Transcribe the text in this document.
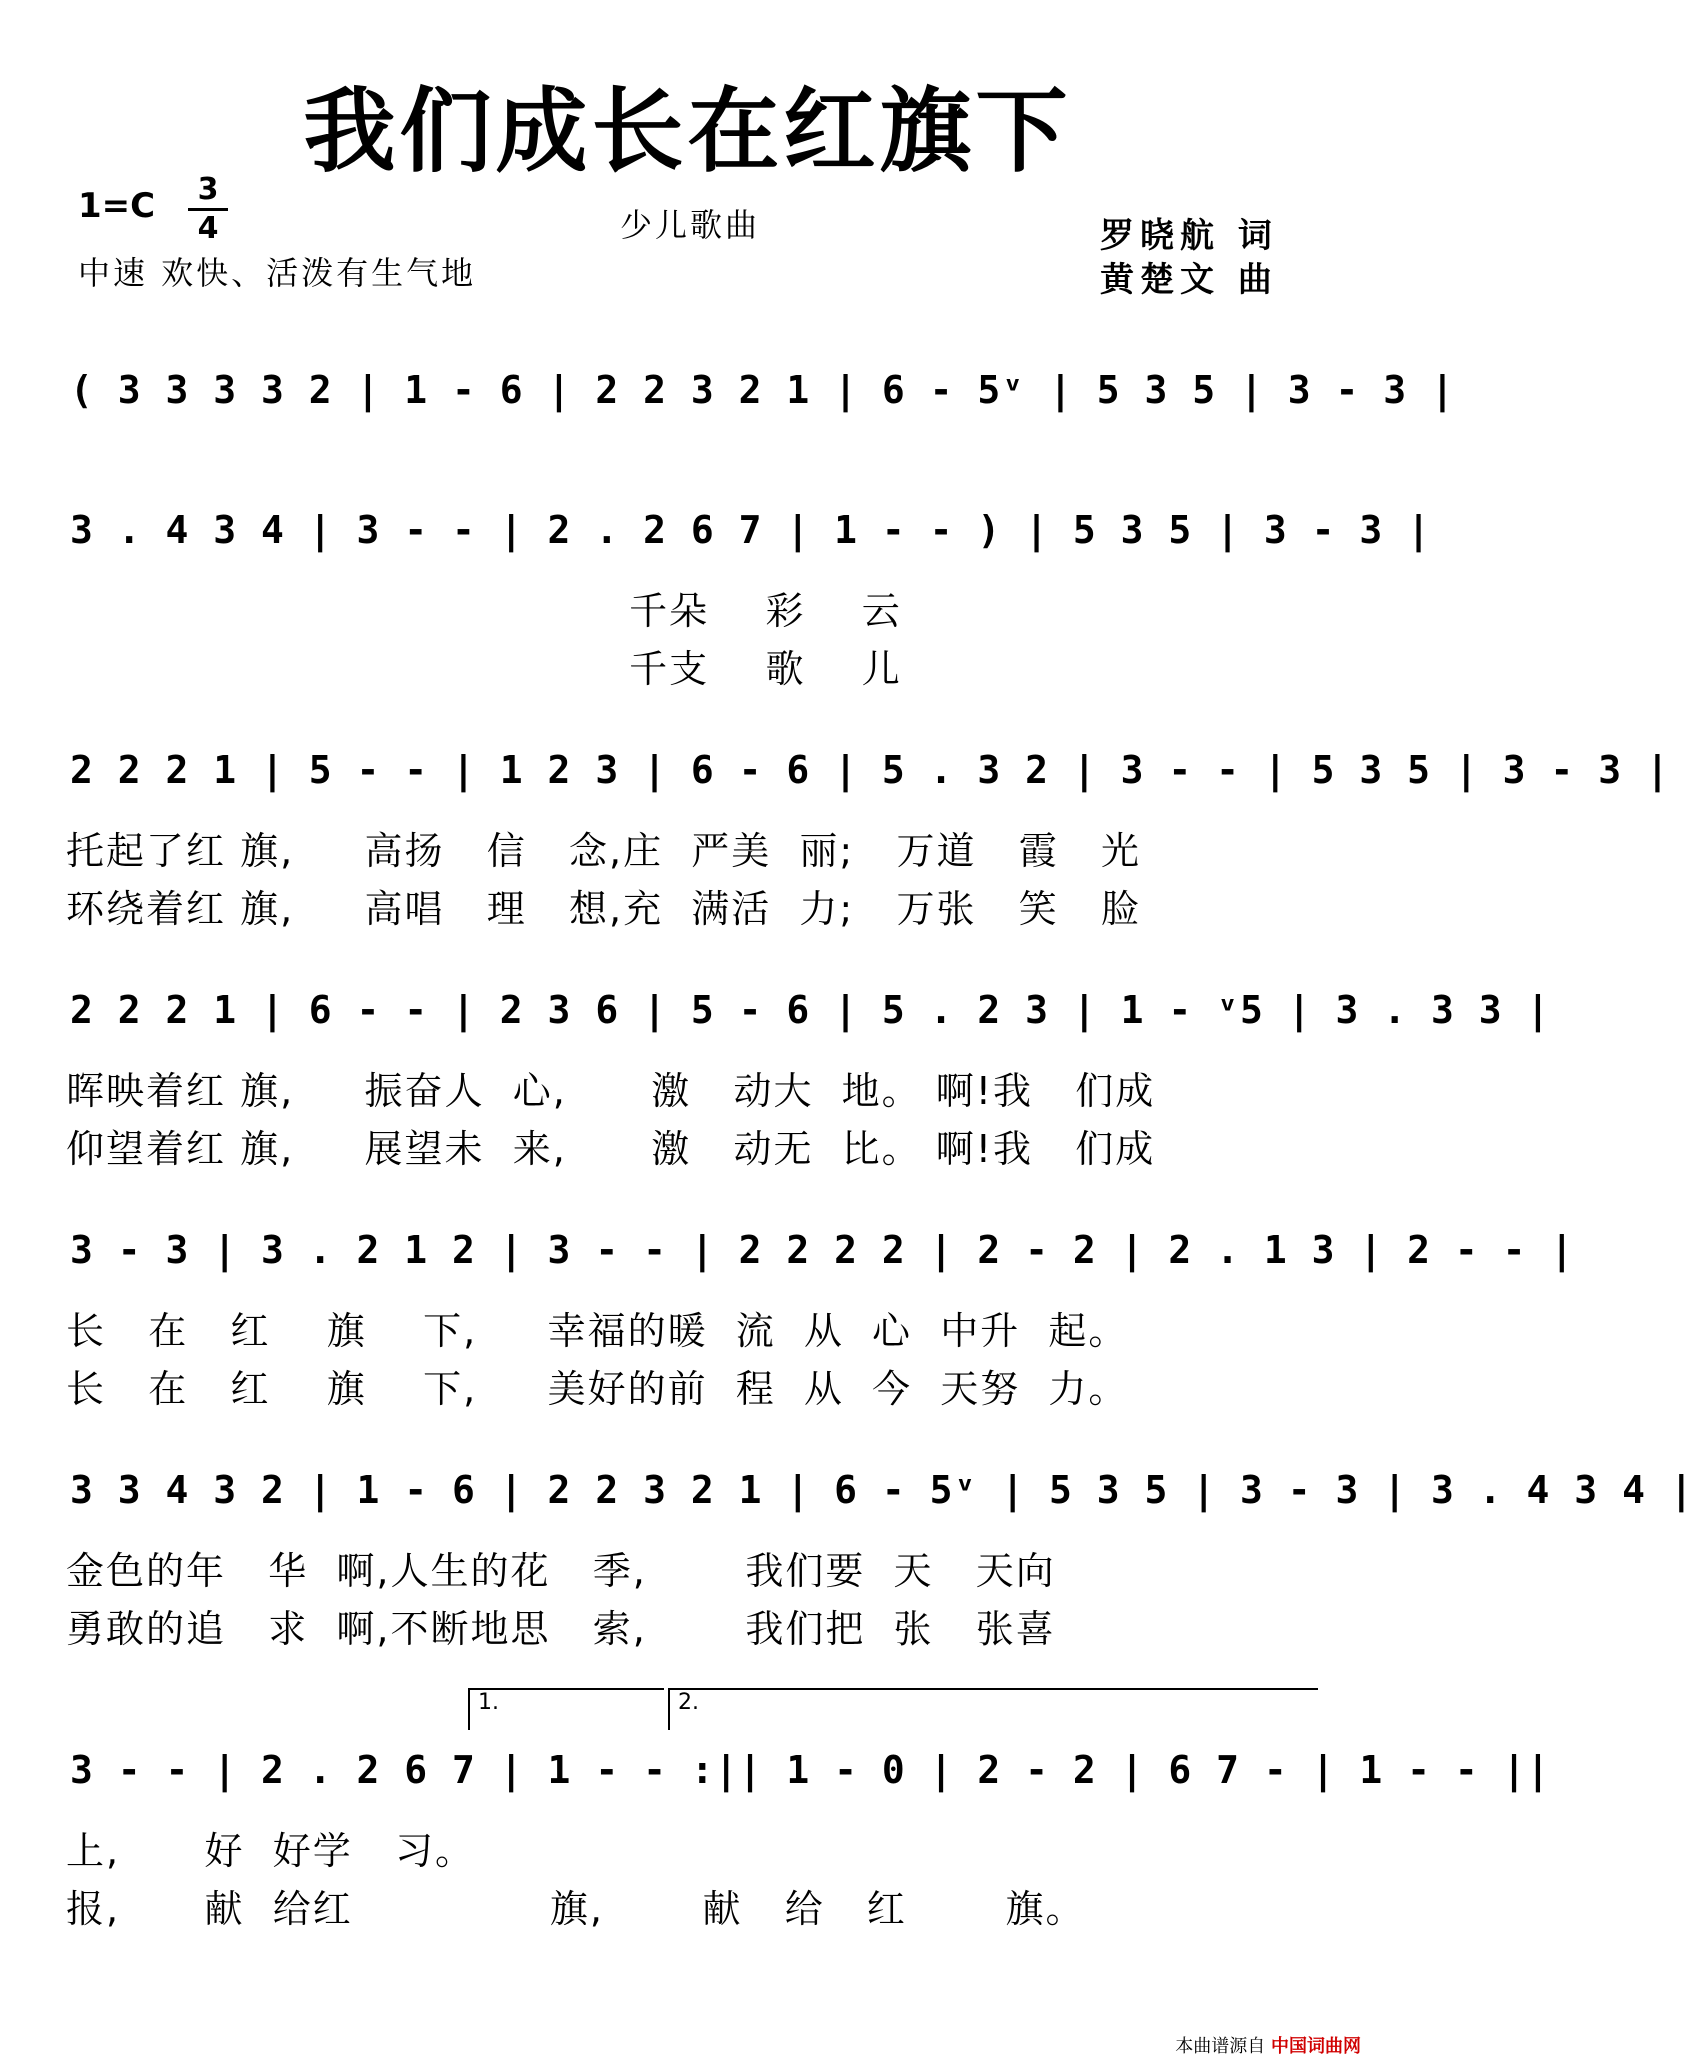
我们成长在红旗下
1=C	3
4
中速 欢快、活泼有生气地
少儿歌曲	罗晓航 词
黄楚文 曲
( 3 3 3 3 2 | 1 - 6 | 2 2 3 2 1 | 6 - 5ᵛ | 5 3 5 | 3 - 3 |
3 . 4 3 4 | 3 - - | 2 . 2 6 7 | 1 - - ) | 5 3 5 | 3 - 3 |
千朵    彩    云
千支    歌    儿
2 2 2 1 | 5 - - | 1 2 3 | 6 - 6 | 5 . 3 2 | 3 - - | 5 3 5 | 3 - 3 |
托起了红 旗,     高扬   信   念,庄  严美  丽;   万道   霞   光
环绕着红 旗,     高唱   理   想,充  满活  力;   万张   笑   脸
2 2 2 1 | 6 - - | 2 3 6 | 5 - 6 | 5 . 2 3 | 1 - ᵛ5 | 3 . 3 3 |
晖映着红 旗,     振奋人  心,      激   动大  地。 啊!我   们成
仰望着红 旗,     展望未  来,      激   动无  比。 啊!我   们成
3 - 3 | 3 . 2 1 2 | 3 - - | 2 2 2 2 | 2 - 2 | 2 . 1 3 | 2 - - |
长   在   红    旗    下,     幸福的暖  流  从  心  中升  起。
长   在   红    旗    下,     美好的前  程  从  今  天努  力。
3 3 4 3 2 | 1 - 6 | 2 2 3 2 1 | 6 - 5ᵛ | 5 3 5 | 3 - 3 | 3 . 4 3 4 |
金色的年   华  啊,人生的花   季,       我们要  天   天向
勇敢的追   求  啊,不断地思   索,       我们把  张   张喜
3 - - | 2 . 2 6 7 | 1 - - :|| 1 - 0 | 2 - 2 | 6 7 - | 1 - - ||
上,      好  好学   习。
报,      献  给红              旗,       献   给   红       旗。
1.	2.
本曲谱源自 中国词曲网
